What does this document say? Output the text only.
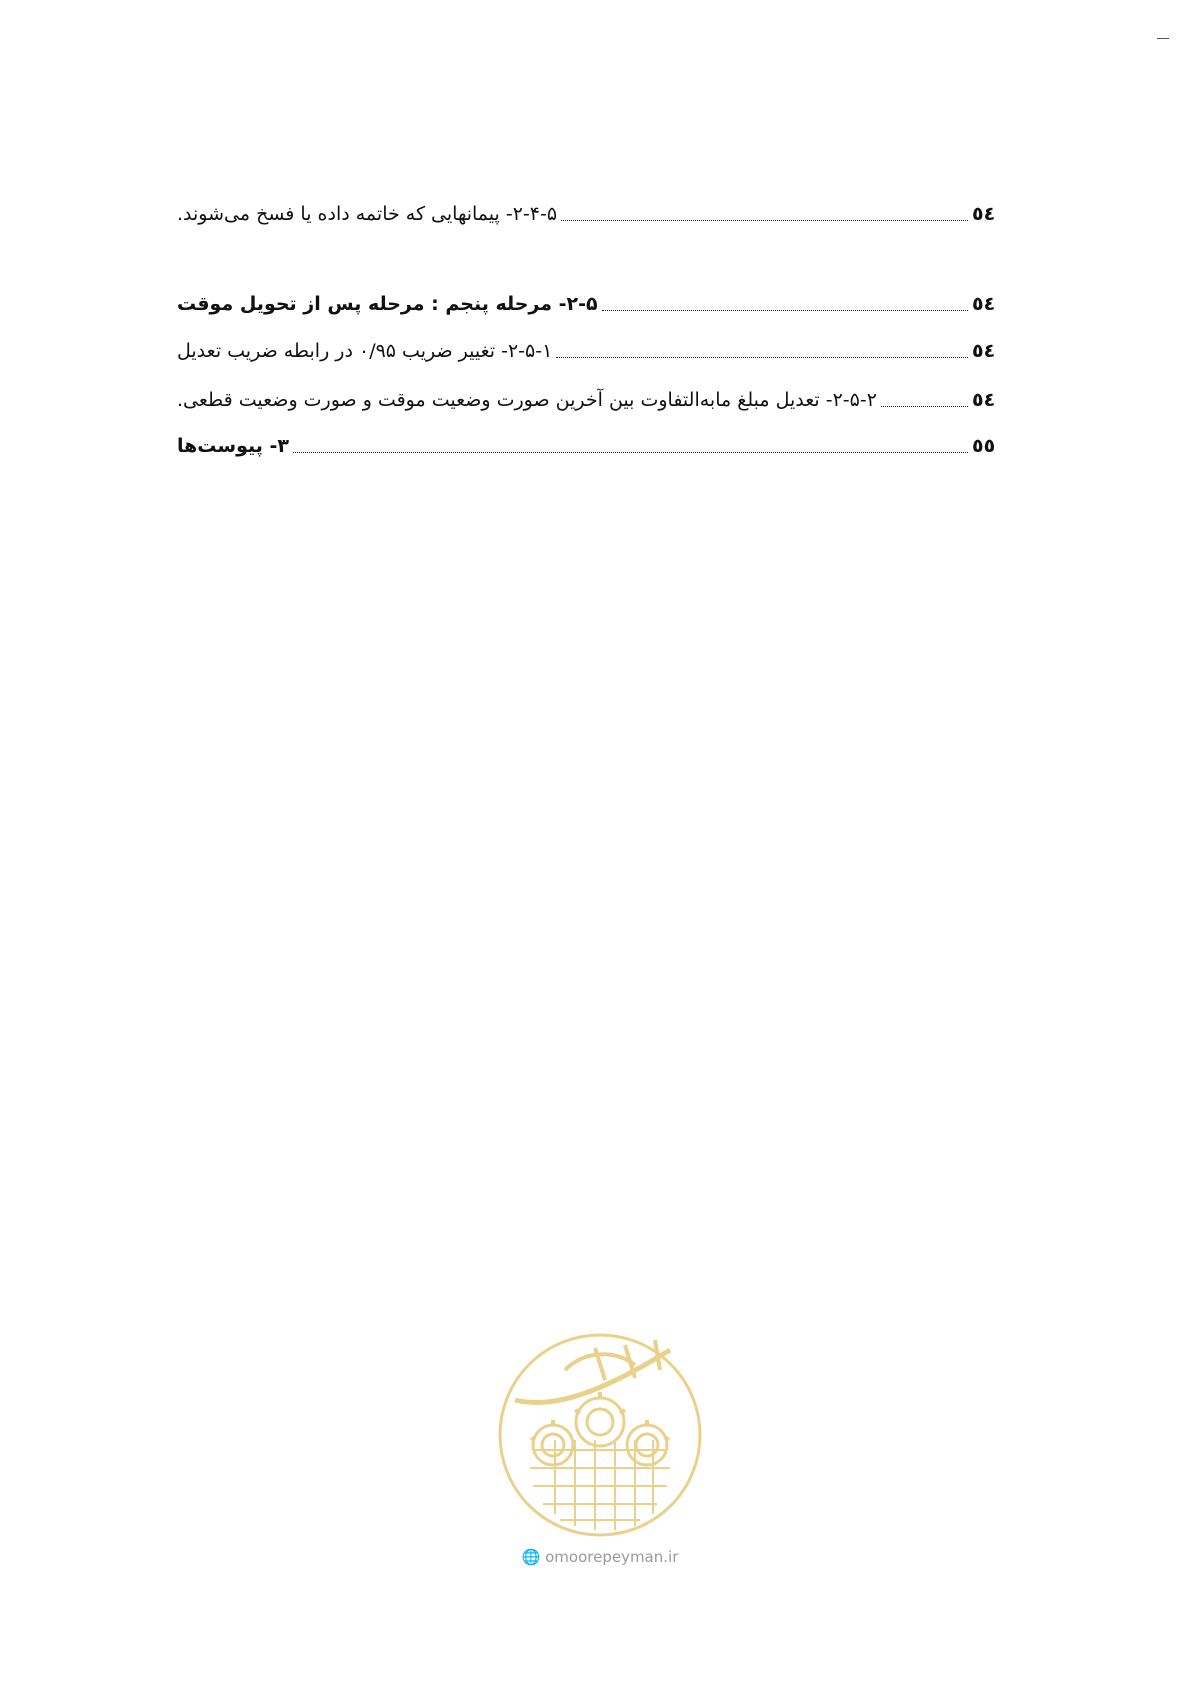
٥٤
۲-۴-۵- پیمانهایی که خاتمه داده یا فسخ می‌شوند.
٥٤
۲-۵- مرحله پنجم : مرحله پس از تحویل موقت
٥٤
۲-۵-۱- تغییر ضریب ۰/۹۵ در رابطه ضریب تعدیل
٥٤
۲-۵-۲- تعدیل مبلغ مابه‌التفاوت بین آخرین صورت وضعیت موقت و صورت وضعیت قطعی.
٥٥
۳- پیوست‌ها
🌐 omoorepeyman.ir
